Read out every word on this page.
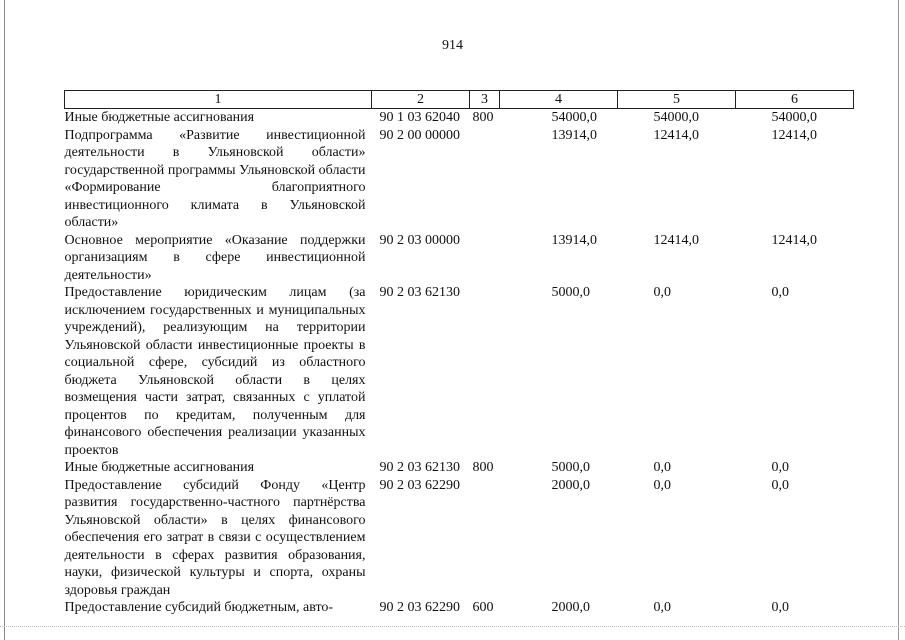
914
1	2	3	4	5	6
Иные бюджетные ассигнования	90 1 03 62040	800	54000,0	54000,0	54000,0
Подпрограмма «Развитие инвестиционной деятельности в Ульяновской области» государственной программы Ульяновской области «Формирование благоприятного инвестиционного климата в Ульяновской области»	90 2 00 00000		13914,0	12414,0	12414,0
Основное мероприятие «Оказание поддержки организациям в сфере инвестиционной деятельности»	90 2 03 00000		13914,0	12414,0	12414,0
Предоставление юридическим лицам (за исключением государственных и муниципальных учреждений), реализующим на территории Ульяновской области инвестиционные проекты в социальной сфере, субсидий из областного бюджета Ульяновской области в целях возмещения части затрат, связанных с уплатой процентов по кредитам, полученным для финансового обеспечения реализации указанных проектов	90 2 03 62130		5000,0	0,0	0,0
Иные бюджетные ассигнования	90 2 03 62130	800	5000,0	0,0	0,0
Предоставление субсидий Фонду «Центр развития государственно-частного партнёрства Ульяновской области» в целях финансового обеспечения его затрат в связи с осуществлением деятельности в сферах развития образования, науки, физической культуры и спорта, охраны здоровья граждан	90 2 03 62290		2000,0	0,0	0,0
Предоставление субсидий бюджетным, авто-	90 2 03 62290	600	2000,0	0,0	0,0
